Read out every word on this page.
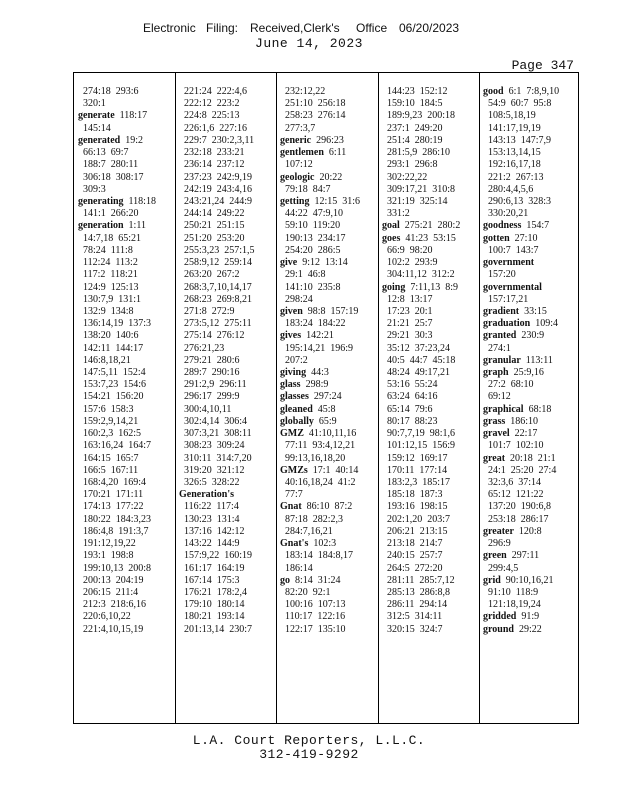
Electronic Filing: Received,Clerk's Office 06/20/2023
June 14, 2023
Page 347
274:18  293:6
320:1
generate  118:17
145:14
generated  19:2
66:13  69:7
188:7  280:11
306:18  308:17
309:3
generating  118:18
141:1  266:20
generation  1:11
14:7,18  65:21
78:24  111:8
112:24  113:2
117:2  118:21
124:9  125:13
130:7,9  131:1
132:9  134:8
136:14,19  137:3
138:20  140:6
142:11  144:17
146:8,18,21
147:5,11  152:4
153:7,23  154:6
154:21  156:20
157:6  158:3
159:2,9,14,21
160:2,3  162:5
163:16,24  164:7
164:15  165:7
166:5  167:11
168:4,20  169:4
170:21  171:11
174:13  177:22
180:22  184:3,23
186:4,8  191:3,7
191:12,19,22
193:1  198:8
199:10,13  200:8
200:13  204:19
206:15  211:4
212:3  218:6,16
220:6,10,22
221:4,10,15,19
221:24  222:4,6
222:12  223:2
224:8  225:13
226:1,6  227:16
229:7  230:2,3,11
232:18  233:21
236:14  237:12
237:23  242:9,19
242:19  243:4,16
243:21,24  244:9
244:14  249:22
250:21  251:15
251:20  253:20
255:3,23  257:1,5
258:9,12  259:14
263:20  267:2
268:3,7,10,14,17
268:23  269:8,21
271:8  272:9
273:5,12  275:11
275:14  276:12
276:21,23
279:21  280:6
289:7  290:16
291:2,9  296:11
296:17  299:9
300:4,10,11
302:4,14  306:4
307:3,21  308:11
308:23  309:24
310:11  314:7,20
319:20  321:12
326:5  328:22
Generation's
116:22  117:4
130:23  131:4
137:16  142:12
143:22  144:9
157:9,22  160:19
161:17  164:19
167:14  175:3
176:21  178:2,4
179:10  180:14
180:21  193:14
201:13,14  230:7
232:12,22
251:10  256:18
258:23  276:14
277:3,7
generic  296:23
gentlemen  6:11
107:12
geologic  20:22
79:18  84:7
getting  12:15  31:6
44:22  47:9,10
59:10  119:20
190:13  234:17
254:20  286:5
give  9:12  13:14
29:1  46:8
141:10  235:8
298:24
given  98:8  157:19
183:24  184:22
gives  142:21
195:14,21  196:9
207:2
giving  44:3
glass  298:9
glasses  297:24
gleaned  45:8
globally  65:9
GMZ  41:10,11,16
77:11  93:4,12,21
99:13,16,18,20
GMZs  17:1  40:14
40:16,18,24  41:2
77:7
Gnat  86:10  87:2
87:18  282:2,3
284:7,16,21
Gnat's  102:3
183:14  184:8,17
186:14
go  8:14  31:24
82:20  92:1
100:16  107:13
110:17  122:16
122:17  135:10
144:23  152:12
159:10  184:5
189:9,23  200:18
237:1  249:20
251:4  280:19
281:5,9  286:10
293:1  296:8
302:22,22
309:17,21  310:8
321:19  325:14
331:2
goal  275:21  280:2
goes  41:23  53:15
66:9  98:20
102:2  293:9
304:11,12  312:2
going  7:11,13  8:9
12:8  13:17
17:23  20:1
21:21  25:7
29:21  30:3
35:12  37:23,24
40:5  44:7  45:18
48:24  49:17,21
53:16  55:24
63:24  64:16
65:14  79:6
80:17  88:23
90:7,7,19  98:1,6
101:12,15  156:9
159:12  169:17
170:11  177:14
183:2,3  185:17
185:18  187:3
193:16  198:15
202:1,20  203:7
206:21  213:15
213:18  214:7
240:15  257:7
264:5  272:20
281:11  285:7,12
285:13  286:8,8
286:11  294:14
312:5  314:11
320:15  324:7
good  6:1  7:8,9,10
54:9  60:7  95:8
108:5,18,19
141:17,19,19
143:13  147:7,9
153:13,14,15
192:16,17,18
221:2  267:13
280:4,4,5,6
290:6,13  328:3
330:20,21
goodness  154:7
gotten  27:10
100:7  143:7
government
157:20
governmental
157:17,21
gradient  33:15
graduation  109:4
granted  230:9
274:1
granular  113:11
graph  25:9,16
27:2  68:10
69:12
graphical  68:18
grass  186:10
gravel  22:17
101:7  102:10
great  20:18  21:1
24:1  25:20  27:4
32:3,6  37:14
65:12  121:22
137:20  190:6,8
253:18  286:17
greater  120:8
296:9
green  297:11
299:4,5
grid  90:10,16,21
91:10  118:9
121:18,19,24
gridded  91:9
ground  29:22
L.A. Court Reporters, L.L.C.
312-419-9292
